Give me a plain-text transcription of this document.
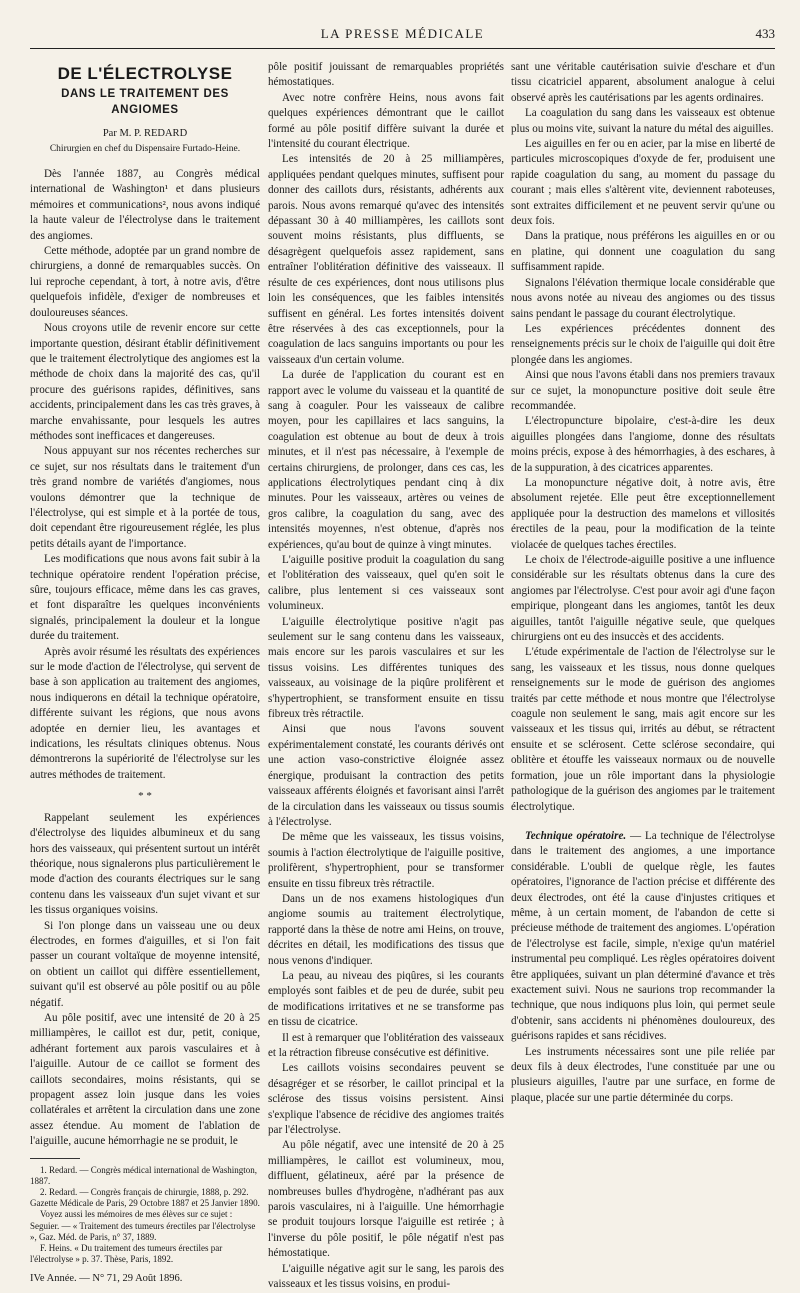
LA PRESSE MÉDICALE	433
DE L'ÉLECTROLYSE
DANS LE TRAITEMENT DES ANGIOMES
Par M. P. REDARD
Chirurgien en chef du Dispensaire Furtado-Heine.

Dès l'année 1887, au Congrès médical international de Washington¹ et dans plusieurs mémoires et communications², nous avons indiqué la haute valeur de l'électrolyse dans le traitement des angiomes.

Cette méthode, adoptée par un grand nombre de chirurgiens, a donné de remarquables succès. On lui reproche cependant, à tort, à notre avis, d'être quelquefois infidèle, d'exiger de nombreuses et douloureuses séances.

Nous croyons utile de revenir encore sur cette importante question, désirant établir définitivement que le traitement électrolytique des angiomes est la méthode de choix dans la majorité des cas, qu'il procure des guérisons rapides, définitives, sans accidents, principalement dans les cas très graves, à marche envahissante, pour lesquels les autres méthodes sont inefficaces et dangereuses.

Nous appuyant sur nos récentes recherches sur ce sujet, sur nos résultats dans le traitement d'un très grand nombre de variétés d'angiomes, nous voulons démontrer que la technique de l'électrolyse, qui est simple et à la portée de tous, doit cependant être rigoureusement réglée, les plus petits détails ayant de l'importance.

Les modifications que nous avons fait subir à la technique opératoire rendent l'opération précise, sûre, toujours efficace, même dans les cas graves, et font disparaître les quelques inconvénients signalés, principalement la douleur et la longue durée du traitement.

Après avoir résumé les résultats des expériences sur le mode d'action de l'électrolyse, qui servent de base à son application au traitement des angiomes, nous indiquerons en détail la technique opératoire, différente suivant les régions, que nous avons adoptée en dernier lieu, les avantages et indications, les résultats cliniques obtenus. Nous démontrerons la supériorité de l'électrolyse sur les autres méthodes de traitement.

* *

Rappelant seulement les expériences d'électrolyse des liquides albumineux et du sang hors des vaisseaux, qui présentent surtout un intérêt théorique, nous signalerons plus particulièrement le mode d'action des courants électriques sur le sang contenu dans les vaisseaux d'un sujet vivant et sur les tissus organiques voisins.

Si l'on plonge dans un vaisseau une ou deux électrodes, en formes d'aiguilles, et si l'on fait passer un courant voltaïque de moyenne intensité, on obtient un caillot qui diffère essentiellement, suivant qu'il est observé au pôle positif ou au pôle négatif.

Au pôle positif, avec une intensité de 20 à 25 milliampères, le caillot est dur, petit, conique, adhérant fortement aux parois vasculaires et à l'aiguille. Autour de ce caillot se forment des caillots secondaires, moins résistants, qui se propagent assez loin jusque dans les voies collatérales et arrêtent la circulation dans une zone assez étendue. Au moment de l'ablation de l'aiguille, aucune hémorrhagie ne se produit, le

1. Redard. — Congrès médical international de Washington, 1887.

2. Redard. — Congrès français de chirurgie, 1888, p. 292. Gazette Médicale de Paris, 29 Octobre 1887 et 25 Janvier 1890.

Voyez aussi les mémoires de mes élèves sur ce sujet : Seguier. — « Traitement des tumeurs érectiles par l'électrolyse », Gaz. Méd. de Paris, n° 37, 1889.

F. Heins. « Du traitement des tumeurs érectiles par l'électrolyse » p. 37. Thèse, Paris, 1892.

IVe Année. — N° 71, 29 Août 1896.

pôle positif jouissant de remarquables propriétés hémostatiques.

Avec notre confrère Heins, nous avons fait quelques expériences démontrant que le caillot formé au pôle positif diffère suivant la durée et l'intensité du courant électrique.

Les intensités de 20 à 25 milliampères, appliquées pendant quelques minutes, suffisent pour donner des caillots durs, résistants, adhérents aux parois. Nous avons remarqué qu'avec des intensités dépassant 30 à 40 milliampères, les caillots sont souvent moins résistants, plus diffluents, se désagrègent quelquefois assez rapidement, sans entraîner l'oblitération définitive des vaisseaux. Il résulte de ces expériences, dont nous utilisons plus loin les conséquences, que les faibles intensités suffisent en général. Les fortes intensités doivent être réservées à des cas exceptionnels, pour la coagulation de lacs sanguins importants ou pour les vaisseaux d'un certain volume.

La durée de l'application du courant est en rapport avec le volume du vaisseau et la quantité de sang à coaguler. Pour les vaisseaux de calibre moyen, pour les capillaires et lacs sanguins, la coagulation est obtenue au bout de deux à trois minutes, et il n'est pas nécessaire, à l'exemple de certains chirurgiens, de prolonger, dans ces cas, les applications électrolytiques pendant cinq à dix minutes. Pour les vaisseaux, artères ou veines de gros calibre, la coagulation du sang, avec des intensités moyennes, n'est obtenue, d'après nos expériences, qu'au bout de quinze à vingt minutes.

L'aiguille positive produit la coagulation du sang et l'oblitération des vaisseaux, quel qu'en soit le calibre, plus lentement si ces vaisseaux sont volumineux.

L'aiguille électrolytique positive n'agit pas seulement sur le sang contenu dans les vaisseaux, mais encore sur les parois vasculaires et sur les tissus voisins. Les différentes tuniques des vaisseaux, au voisinage de la piqûre prolifèrent et s'hypertrophient, se transforment ensuite en tissu fibreux très rétractile.

Ainsi que nous l'avons souvent expérimentalement constaté, les courants dérivés ont une action vaso-constrictive éloignée assez énergique, produisant la contraction des petits vaisseaux afférents éloignés et favorisant ainsi l'arrêt de la circulation dans les vaisseaux ou tissus soumis à l'électrolyse.

De même que les vaisseaux, les tissus voisins, soumis à l'action électrolytique de l'aiguille positive, prolifèrent, s'hypertrophient, pour se transformer ensuite en tissu fibreux très rétractile.

Dans un de nos examens histologiques d'un angiome soumis au traitement électrolytique, rapporté dans la thèse de notre ami Heins, on trouve, décrites en détail, les modifications des tissus que nous venons d'indiquer.

La peau, au niveau des piqûres, si les courants employés sont faibles et de peu de durée, subit peu de modifications irritatives et ne se transforme pas en tissu de cicatrice.

Il est à remarquer que l'oblitération des vaisseaux et la rétraction fibreuse consécutive est définitive.

Les caillots voisins secondaires peuvent se désagréger et se résorber, le caillot principal et la sclérose des tissus voisins persistent. Ainsi s'explique l'absence de récidive des angiomes traités par l'électrolyse.

Au pôle négatif, avec une intensité de 20 à 25 milliampères, le caillot est volumineux, mou, diffluent, gélatineux, aéré par la présence de nombreuses bulles d'hydrogène, n'adhérant pas aux parois vasculaires, ni à l'aiguille. Une hémorrhagie se produit toujours lorsque l'aiguille est retirée ; à l'inverse du pôle positif, le pôle négatif n'est pas hémostatique.

L'aiguille négative agit sur le sang, les parois des vaisseaux et les tissus voisins, en produi-

sant une véritable cautérisation suivie d'eschare et d'un tissu cicatriciel apparent, absolument analogue à celui observé après les cautérisations par les agents ordinaires.

La coagulation du sang dans les vaisseaux est obtenue plus ou moins vite, suivant la nature du métal des aiguilles.

Les aiguilles en fer ou en acier, par la mise en liberté de particules microscopiques d'oxyde de fer, produisent une rapide coagulation du sang, au moment du passage du courant ; mais elles s'altèrent vite, deviennent raboteuses, sont extraites difficilement et ne peuvent servir qu'une ou deux fois.

Dans la pratique, nous préférons les aiguilles en or ou en platine, qui donnent une coagulation du sang suffisamment rapide.

Signalons l'élévation thermique locale considérable que nous avons notée au niveau des angiomes ou des tissus sains pendant le passage du courant électrolytique.

Les expériences précédentes donnent des renseignements précis sur le choix de l'aiguille qui doit être plongée dans les angiomes.

Ainsi que nous l'avons établi dans nos premiers travaux sur ce sujet, la monopuncture positive doit seule être recommandée.

L'électropuncture bipolaire, c'est-à-dire les deux aiguilles plongées dans l'angiome, donne des résultats moins précis, expose à des hémorrhagies, à des eschares, à de la suppuration, à des cicatrices apparentes.

La monopuncture négative doit, à notre avis, être absolument rejetée. Elle peut être exceptionnellement appliquée pour la destruction des mamelons et villosités érectiles de la peau, pour la modification de la teinte violacée de quelques taches érectiles.

Le choix de l'électrode-aiguille positive a une influence considérable sur les résultats obtenus dans la cure des angiomes par l'électrolyse. C'est pour avoir agi d'une façon empirique, plongeant dans les angiomes, tantôt les deux aiguilles, tantôt l'aiguille négative seule, que quelques chirurgiens ont eu des insuccès et des accidents.

L'étude expérimentale de l'action de l'électrolyse sur le sang, les vaisseaux et les tissus, nous donne quelques renseignements sur le mode de guérison des angiomes traités par cette méthode et nous montre que l'électrolyse coagule non seulement le sang, mais agit encore sur les vaisseaux et les tissus qui, irrités au début, se rétractent ensuite et se sclérosent. Cette sclérose secondaire, qui oblitère et étouffe les vaisseaux normaux ou de nouvelle formation, joue un rôle important dans la physiologie pathologique de la guérison des angiomes par le traitement électrolytique.

Technique opératoire. — La technique de l'électrolyse dans le traitement des angiomes, a une importance considérable. L'oubli de quelque règle, les fautes opératoires, l'ignorance de l'action précise et différente des deux électrodes, ont été la cause d'injustes critiques et même, à un certain moment, de l'abandon de cette si précieuse méthode de traitement des angiomes. L'opération de l'électrolyse est facile, simple, n'exige qu'un matériel instrumental peu compliqué. Les règles opératoires doivent être appliquées, suivant un plan déterminé d'avance et très exactement suivi. Nous ne saurions trop recommander la technique, que nous indiquons plus loin, qui permet seule d'obtenir, sans accidents ni phénomènes douloureux, des guérisons rapides et sans récidives.

Les instruments nécessaires sont une pile reliée par deux fils à deux électrodes, l'une constituée par une ou plusieurs aiguilles, l'autre par une surface, en forme de plaque, placée sur une partie déterminée du corps.
